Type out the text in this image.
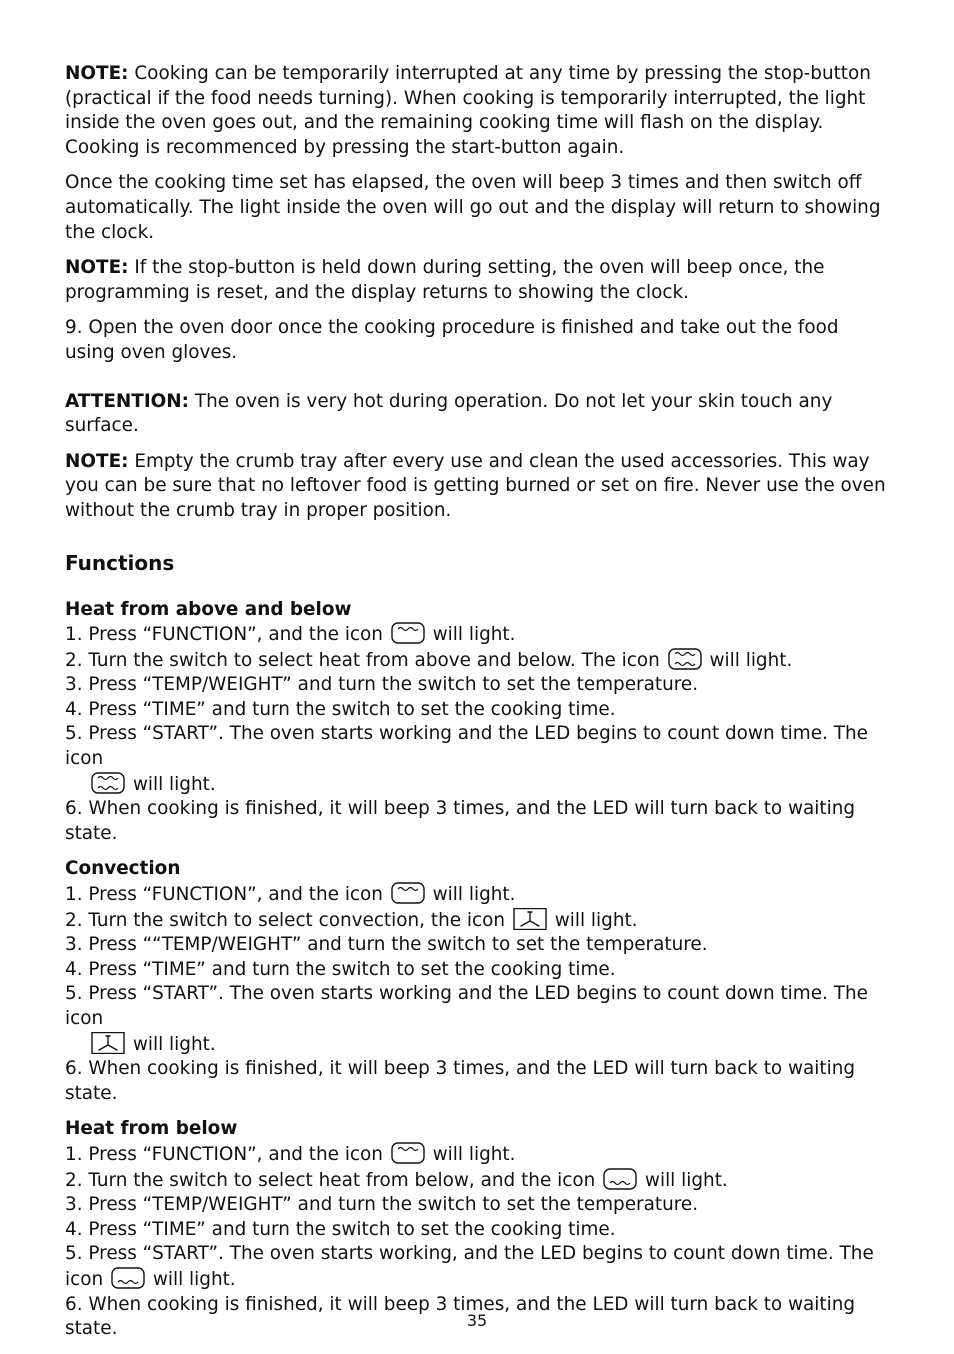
NOTE: Cooking can be temporarily interrupted at any time by pressing the stop-button (practical if the food needs turning). When cooking is temporarily interrupted, the light inside the oven goes out, and the remaining cooking time will flash on the display. Cooking is recommenced by pressing the start-button again.

Once the cooking time set has elapsed, the oven will beep 3 times and then switch off automatically. The light inside the oven will go out and the display will return to showing the clock.

NOTE: If the stop-button is held down during setting, the oven will beep once, the programming is reset, and the display returns to showing the clock.

9. Open the oven door once the cooking procedure is finished and take out the food using oven gloves.

ATTENTION: The oven is very hot during operation. Do not let your skin touch any surface.

NOTE: Empty the crumb tray after every use and clean the used accessories. This way you can be sure that no leftover food is getting burned or set on fire. Never use the oven without the crumb tray in proper position.

Functions
Heat from above and below

1. Press “FUNCTION”, and the icon
will light.

2. Turn the switch to select heat from above and below. The icon
will light.

3. Press “TEMP/WEIGHT” and turn the switch to set the temperature.

4. Press “TIME” and turn the switch to set the cooking time.

5. Press “START”. The oven starts working and the LED begins to count down time. The icon

will light.

6. When cooking is finished, it will beep 3 times, and the LED will turn back to waiting

state.

Convection

1. Press “FUNCTION”, and the icon
will light.

2. Turn the switch to select convection, the icon
will light.

3. Press ““TEMP/WEIGHT” and turn the switch to set the temperature.

4. Press “TIME” and turn the switch to set the cooking time.

5. Press “START”. The oven starts working and the LED begins to count down time. The icon

will light.

6. When cooking is finished, it will beep 3 times, and the LED will turn back to waiting

state.

Heat from below

1. Press “FUNCTION”, and the icon
will light.

2. Turn the switch to select heat from below, and the icon
will light.

3. Press “TEMP/WEIGHT” and turn the switch to set the temperature.

4. Press “TIME” and turn the switch to set the cooking time.

5. Press “START”. The oven starts working, and the LED begins to count down time. The

icon
will light.

6. When cooking is finished, it will beep 3 times, and the LED will turn back to waiting

state.	35
